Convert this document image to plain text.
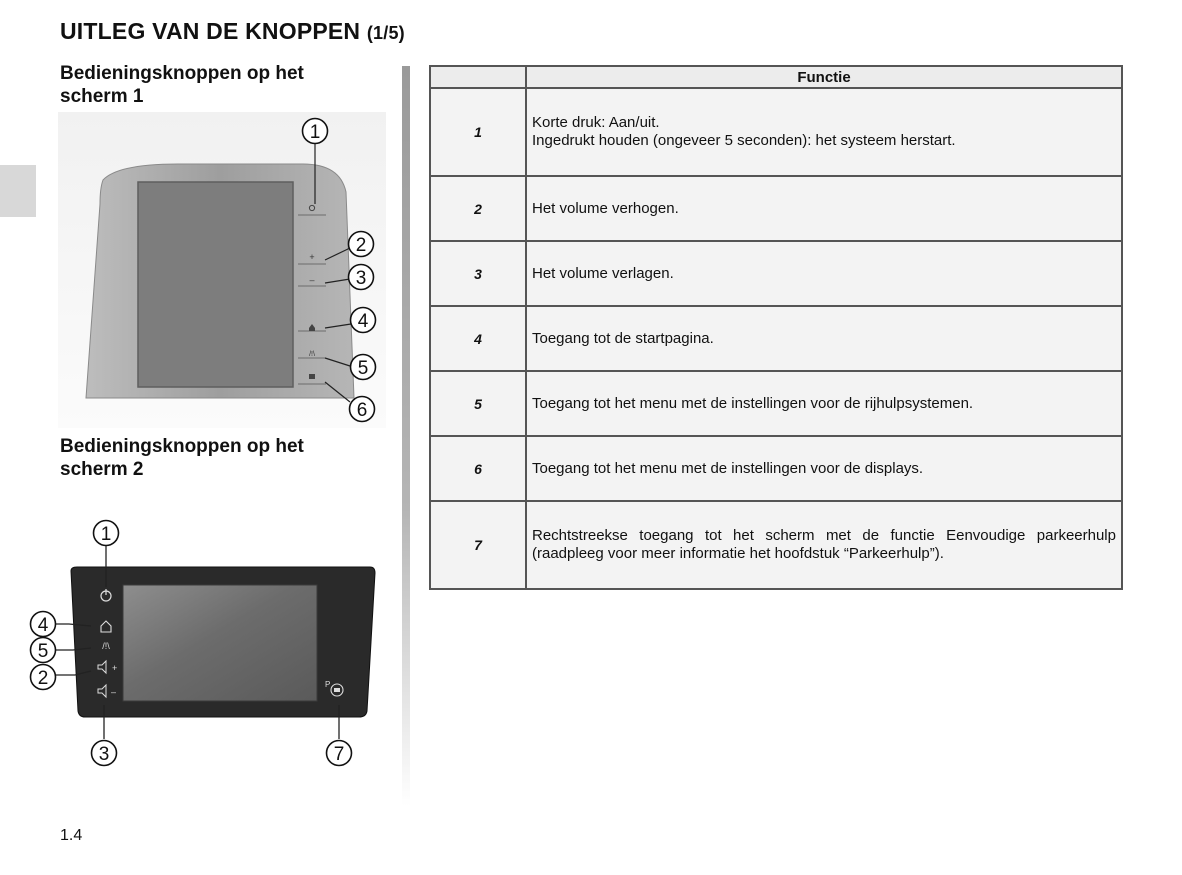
UITLEG VAN DE KNOPPEN (1/5)
Bedieningsknoppen op het scherm 1
+
–
/!\
1
2
3
4
5
6
Bedieningsknoppen op het scherm 2
/!\
+
–
P
1
4
5
2
3	7
	Functie
1	Korte druk: Aan/uit.
Ingedrukt houden (ongeveer 5 seconden): het systeem herstart.

2	Het volume verhogen.

3	Het volume verlagen.

4	Toegang tot de startpagina.

5	Toegang tot het menu met de instellingen voor de rijhulpsystemen.

6	Toegang tot het menu met de instellingen voor de displays.

7	Rechtstreekse toegang tot het scherm met de functie Eenvoudige parkeerhulp (raadpleeg voor meer informatie het hoofdstuk “Parkeerhulp”).
1.4
